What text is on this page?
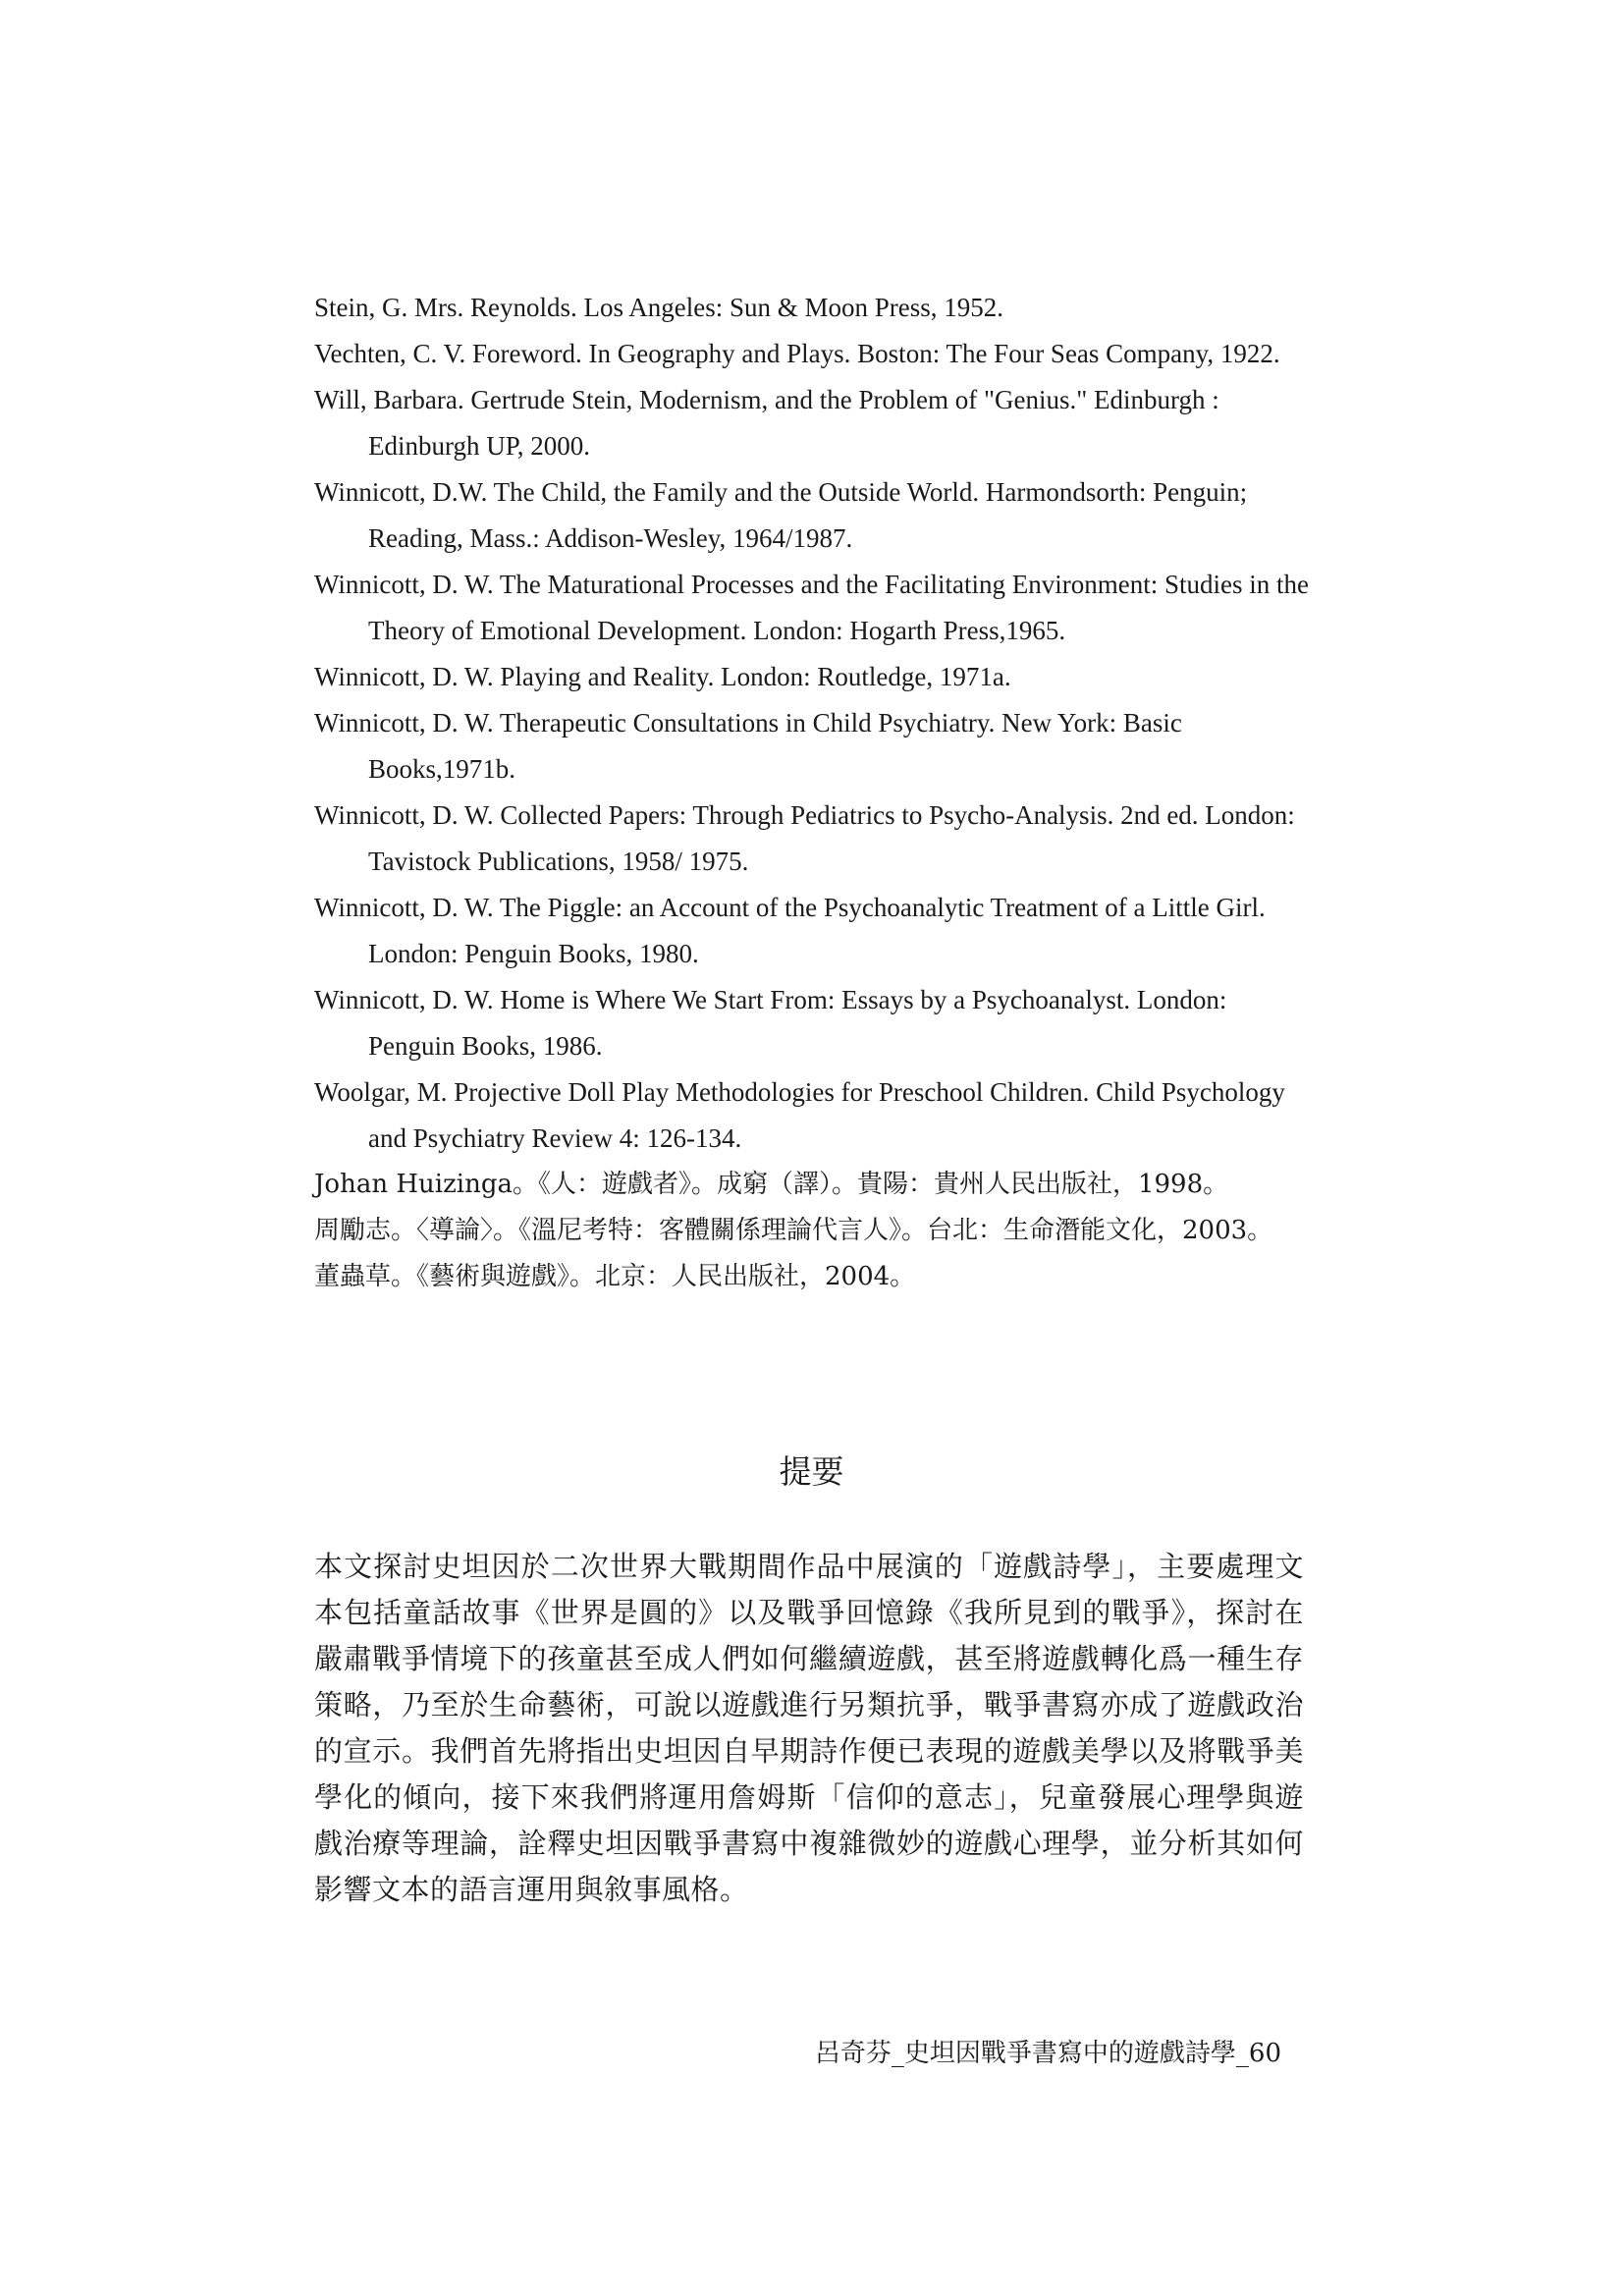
Stein, G. Mrs. Reynolds. Los Angeles: Sun & Moon Press, 1952.
Vechten, C. V. Foreword. In Geography and Plays. Boston: The Four Seas Company, 1922.
Will, Barbara. Gertrude Stein, Modernism, and the Problem of "Genius." Edinburgh : Edinburgh UP, 2000.
Winnicott, D.W. The Child, the Family and the Outside World. Harmondsorth: Penguin; Reading, Mass.: Addison-Wesley, 1964/1987.
Winnicott, D. W. The Maturational Processes and the Facilitating Environment: Studies in the Theory of Emotional Development. London: Hogarth Press,1965.
Winnicott, D. W. Playing and Reality. London: Routledge, 1971a.
Winnicott, D. W. Therapeutic Consultations in Child Psychiatry. New York: Basic Books,1971b.
Winnicott, D. W. Collected Papers: Through Pediatrics to Psycho-Analysis. 2nd ed. London: Tavistock Publications, 1958/ 1975.
Winnicott, D. W. The Piggle: an Account of the Psychoanalytic Treatment of a Little Girl. London: Penguin Books, 1980.
Winnicott, D. W. Home is Where We Start From: Essays by a Psychoanalyst. London: Penguin Books, 1986.
Woolgar, M. Projective Doll Play Methodologies for Preschool Children. Child Psychology and Psychiatry Review 4: 126-134.
Johan Huizinga。《人：遊戲者》。成窮（譯）。貴陽：貴州人民出版社，1998。
周勵志。〈導論〉。《溫尼考特：客體關係理論代言人》。台北：生命潛能文化，2003。
董蟲草。《藝術與遊戲》。北京：人民出版社，2004。
提要

本文探討史坦因於二次世界大戰期間作品中展演的「遊戲詩學」，主要處理文本包括童話故事《世界是圓的》以及戰爭回憶錄《我所見到的戰爭》，探討在嚴肅戰爭情境下的孩童甚至成人們如何繼續遊戲，甚至將遊戲轉化爲一種生存策略，乃至於生命藝術，可說以遊戲進行另類抗爭，戰爭書寫亦成了遊戲政治的宣示。我們首先將指出史坦因自早期詩作便已表現的遊戲美學以及將戰爭美學化的傾向，接下來我們將運用詹姆斯「信仰的意志」，兒童發展心理學與遊戲治療等理論，詮釋史坦因戰爭書寫中複雜微妙的遊戲心理學，並分析其如何影響文本的語言運用與敘事風格。

呂奇芬_史坦因戰爭書寫中的遊戲詩學_60
